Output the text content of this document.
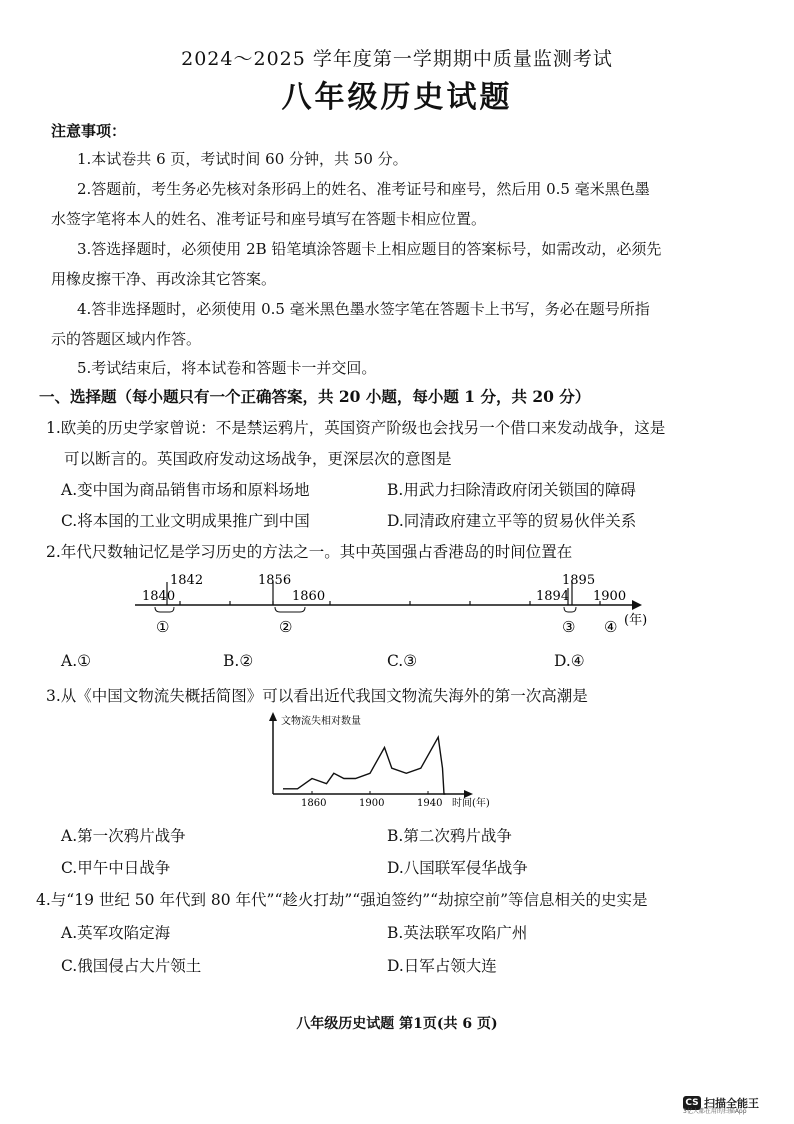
2024～2025 学年度第一学期期中质量监测考试
八年级历史试题
注意事项：
1.本试卷共 6 页，考试时间 60 分钟，共 50 分。
2.答题前，考生务必先核对条形码上的姓名、准考证号和座号，然后用 0.5 毫米黑色墨
水签字笔将本人的姓名、准考证号和座号填写在答题卡相应位置。
3.答选择题时，必须使用 2B 铅笔填涂答题卡上相应题目的答案标号，如需改动，必须先
用橡皮擦干净、再改涂其它答案。
4.答非选择题时，必须使用 0.5 毫米黑色墨水签字笔在答题卡上书写，务必在题号所指
示的答题区域内作答。
5.考试结束后，将本试卷和答题卡一并交回。
一、选择题（每小题只有一个正确答案，共 20 小题，每小题 1 分，共 20 分）
1.欧美的历史学家曾说：不是禁运鸦片，英国资产阶级也会找另一个借口来发动战争，这是
可以断言的。英国政府发动这场战争，更深层次的意图是
A.变中国为商品销售市场和原料场地	B.用武力扫除清政府闭关锁国的障碍
C.将本国的工业文明成果推广到中国	D.同清政府建立平等的贸易伙伴关系
2.年代尺数轴记忆是学习历史的方法之一。其中英国强占香港岛的时间位置在
1842	1856
1840	1860
1895
1894 1900
(年)
①	②	③ ④
A.①	B.②	C.③	D.④
3.从《中国文物流失概括简图》可以看出近代我国文物流失海外的第一次高潮是
文物流失相对数量
时间(年)
1860	1900	1940
A.第一次鸦片战争	B.第二次鸦片战争
C.甲午中日战争	D.八国联军侵华战争
4.与“19 世纪 50 年代到 80 年代”“趁火打劫”“强迫签约”“劫掠空前”等信息相关的史实是
A.英军攻陷定海	B.英法联军攻陷广州
C.俄国侵占大片领土	D.日军占领大连
八年级历史试题 第1页(共 6 页)
CS 扫描全能王
3亿人都在用的扫描App
